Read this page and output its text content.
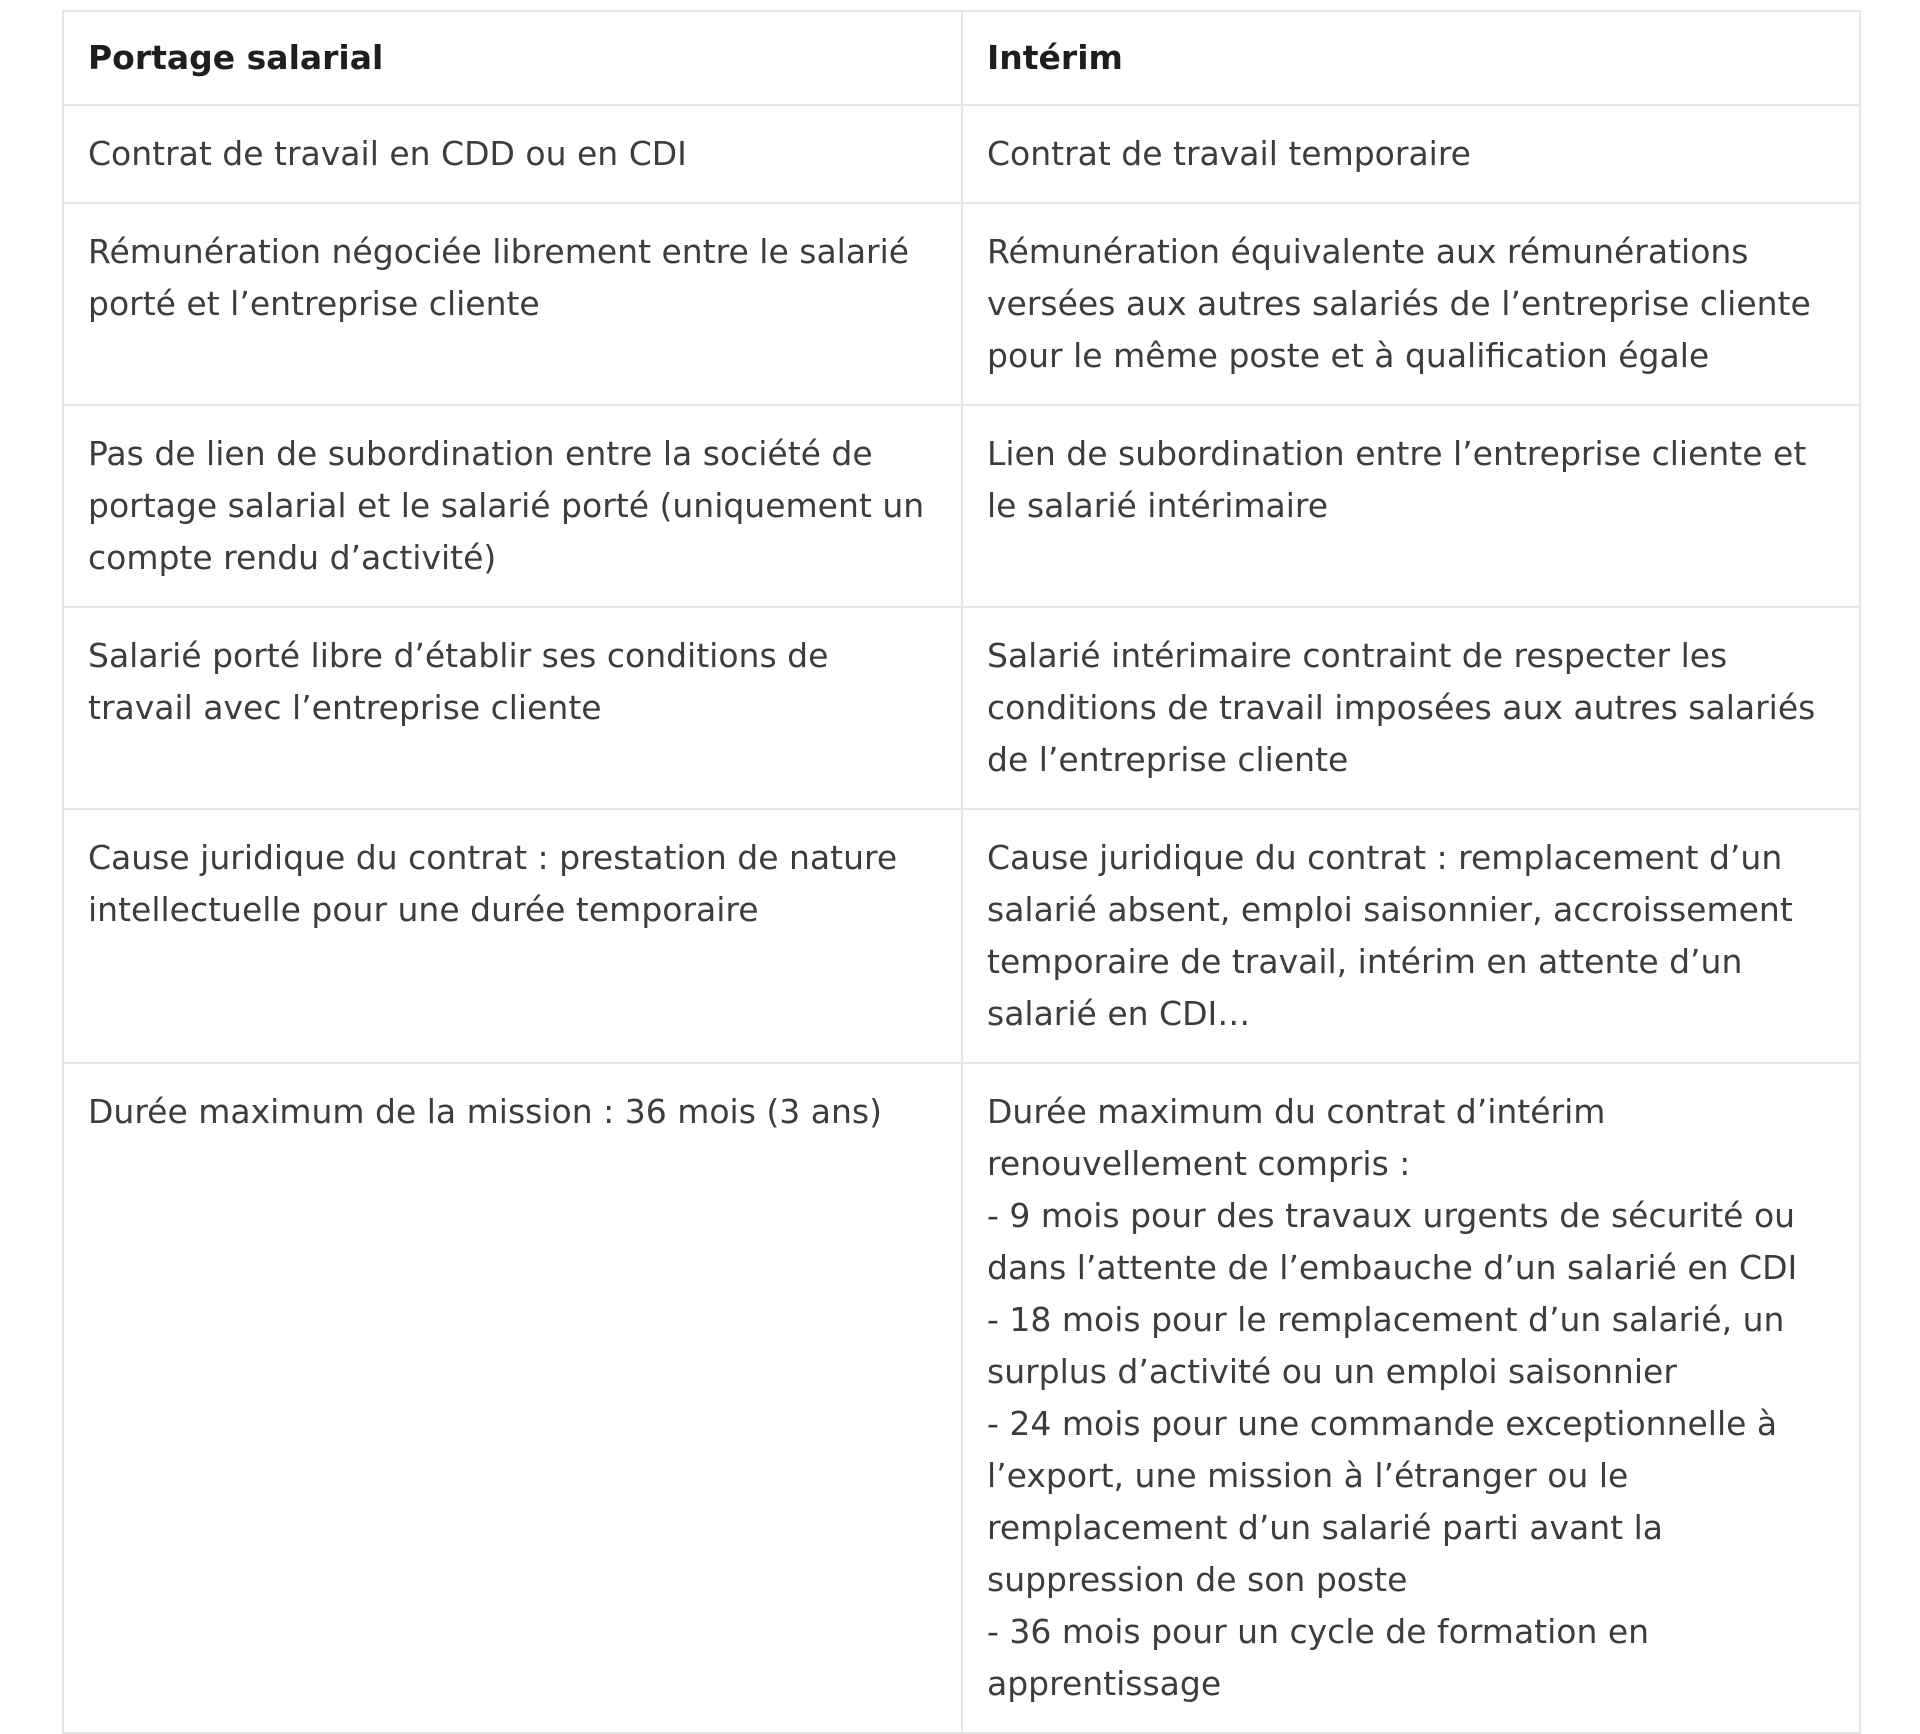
Portage salarial	Intérim
Contrat de travail en CDD ou en CDI	Contrat de travail temporaire
Rémunération négociée librement entre le salarié porté et l’entreprise cliente	Rémunération équivalente aux rémunérations versées aux autres salariés de l’entreprise cliente pour le même poste et à qualification égale
Pas de lien de subordination entre la société de portage salarial et le salarié porté (uniquement un compte rendu d’activité)	Lien de subordination entre l’entreprise cliente et le salarié intérimaire
Salarié porté libre d’établir ses conditions de travail avec l’entreprise cliente	Salarié intérimaire contraint de respecter les conditions de travail imposées aux autres salariés de l’entreprise cliente
Cause juridique du contrat : prestation de nature intellectuelle pour une durée temporaire	Cause juridique du contrat : remplacement d’un salarié absent, emploi saisonnier, accroissement temporaire de travail, intérim en attente d’un salarié en CDI…
Durée maximum de la mission : 36 mois (3 ans)	Durée maximum du contrat d’intérim renouvellement compris :
- 9 mois pour des travaux urgents de sécurité ou dans l’attente de l’embauche d’un salarié en CDI
- 18 mois pour le remplacement d’un salarié, un surplus d’activité ou un emploi saisonnier
- 24 mois pour une commande exceptionnelle à l’export, une mission à l’étranger ou le remplacement d’un salarié parti avant la suppression de son poste
- 36 mois pour un cycle de formation en apprentissage
